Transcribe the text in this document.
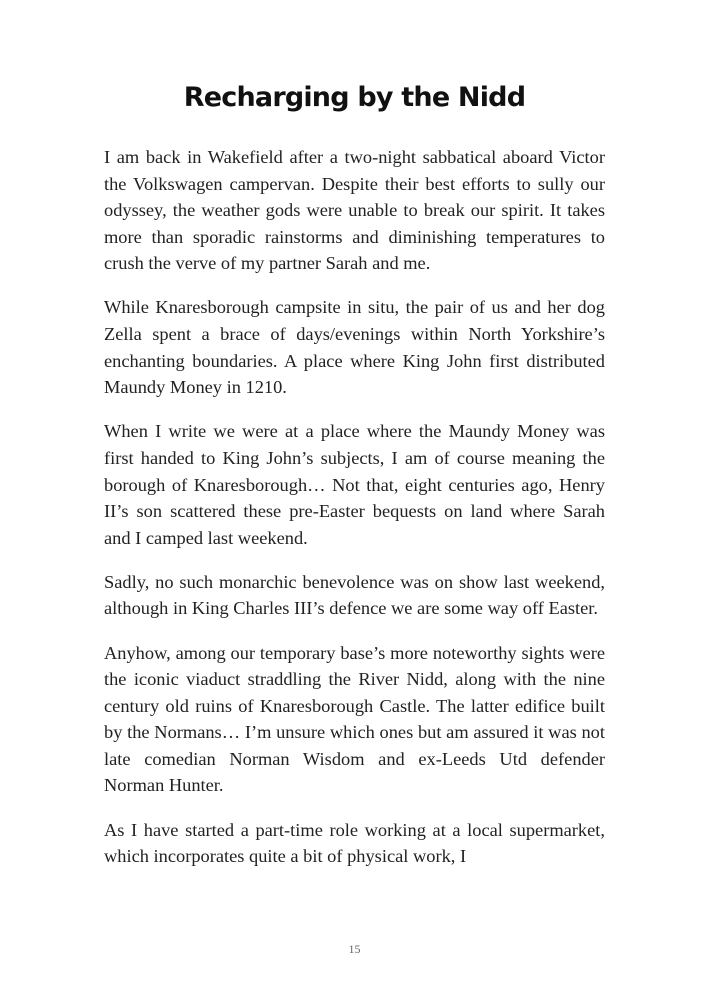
Recharging by the Nidd

I am back in Wakefield after a two-night sabbatical aboard Victor the Volkswagen campervan. Despite their best efforts to sully our odyssey, the weather gods were unable to break our spirit. It takes more than sporadic rainstorms and diminishing temperatures to crush the verve of my partner Sarah and me.

While Knaresborough campsite in situ, the pair of us and her dog Zella spent a brace of days/evenings within North Yorkshire’s enchanting boundaries. A place where King John first distributed Maundy Money in 1210.

When I write we were at a place where the Maundy Money was first handed to King John’s subjects, I am of course meaning the borough of Knaresborough… Not that, eight centuries ago, Henry II’s son scattered these pre-Easter bequests on land where Sarah and I camped last weekend.

Sadly, no such monarchic benevolence was on show last weekend, although in King Charles III’s defence we are some way off Easter.

Anyhow, among our temporary base’s more noteworthy sights were the iconic viaduct straddling the River Nidd, along with the nine century old ruins of Knaresborough Castle. The latter edifice built by the Normans… I’m unsure which ones but am assured it was not late comedian Norman Wisdom and ex-Leeds Utd defender Norman Hunter.

As I have started a part-time role working at a local supermarket, which incorporates quite a bit of physical work, I

15
